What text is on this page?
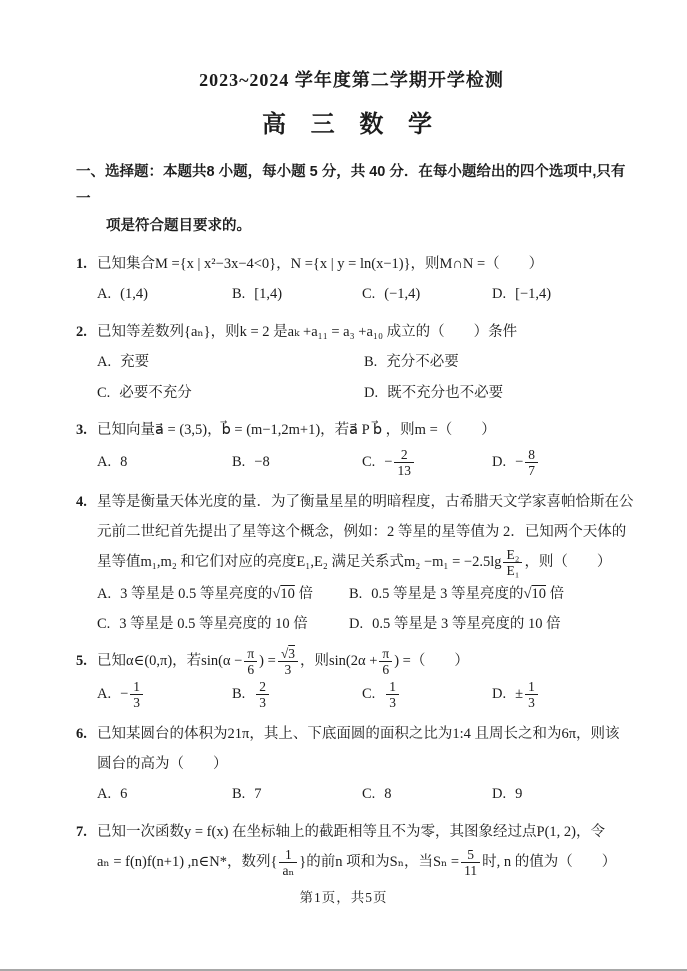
2023~2024 学年度第二学期开学检测
高 三 数 学
一、选择题：本题共8 小题，每小题 5 分，共 40 分．在每小题给出的四个选项中,只有一
项是符合题目要求的。
1. 已知集合M ={x | x²−3x−4<0}，N ={x | y = ln(x−1)}，则M∩N =（　　）
A. (1,4)	B. [1,4)	C. (−1,4)	D. [−1,4)
2. 已知等差数列{aₙ}，则k = 2 是aₖ +a₁₁ = a₃ +a₁₀ 成立的（　　）条件
A. 充要	B. 充分不必要
C. 必要不充分	D. 既不充分也不必要
3. 已知向量a⃗ = (3,5)，b⃗ = (m−1,2m+1)，若a⃗ P b⃗ ，则m =（　　）
A. 8	B. −8	C. − $\frac{2}{13}$	D. − $\frac{8}{7}$
4. 星等是衡量天体光度的量．为了衡量星星的明暗程度，古希腊天文学家喜帕恰斯在公
元前二世纪首先提出了星等这个概念，例如：2 等星的星等值为 2．已知两个天体的
星等值m₁,m₂ 和它们对应的亮度E₁,E₂ 满足关系式$m_2 -m_1 = -2.5\lg \frac{\text{E₂}}{\text{E₁}}$ ，则（　　）
A. 3 等星是 0.5 等星亮度的√10 倍	B. 0.5 等星是 3 等星亮度的√10 倍
C. 3 等星是 0.5 等星亮度的 10 倍	D. 0.5 等星是 3 等星亮度的 10 倍
5. 已知α∈(0,π)，若$\sin(\alpha - \frac{\pi}{6}$ ) = $\frac{√3}{3}$ ，则$\sin(2\alpha + \frac{\pi}{6}$ ) =（　　）
A. − $\frac{1}{3}$	B. $\frac{2}{3}$	C. $\frac{1}{3}$	D. ± $\frac{1}{3}$
6. 已知某圆台的体积为21π，其上、下底面圆的面积之比为1:4 且周长之和为6π，则该
圆台的高为（　　）
A. 6	B. 7	C. 8	D. 9
7. 已知一次函数y = f(x) 在坐标轴上的截距相等且不为零，其图象经过点P(1, 2)，令
aₙ = f(n)f(n+1) ,n∈N*，数列{ $\frac{1}{\text{aₙ}}$ }的前n 项和为Sₙ，当$S_n = \frac{5}{11}$ 时, n 的值为（　　）
第1页，共5页
